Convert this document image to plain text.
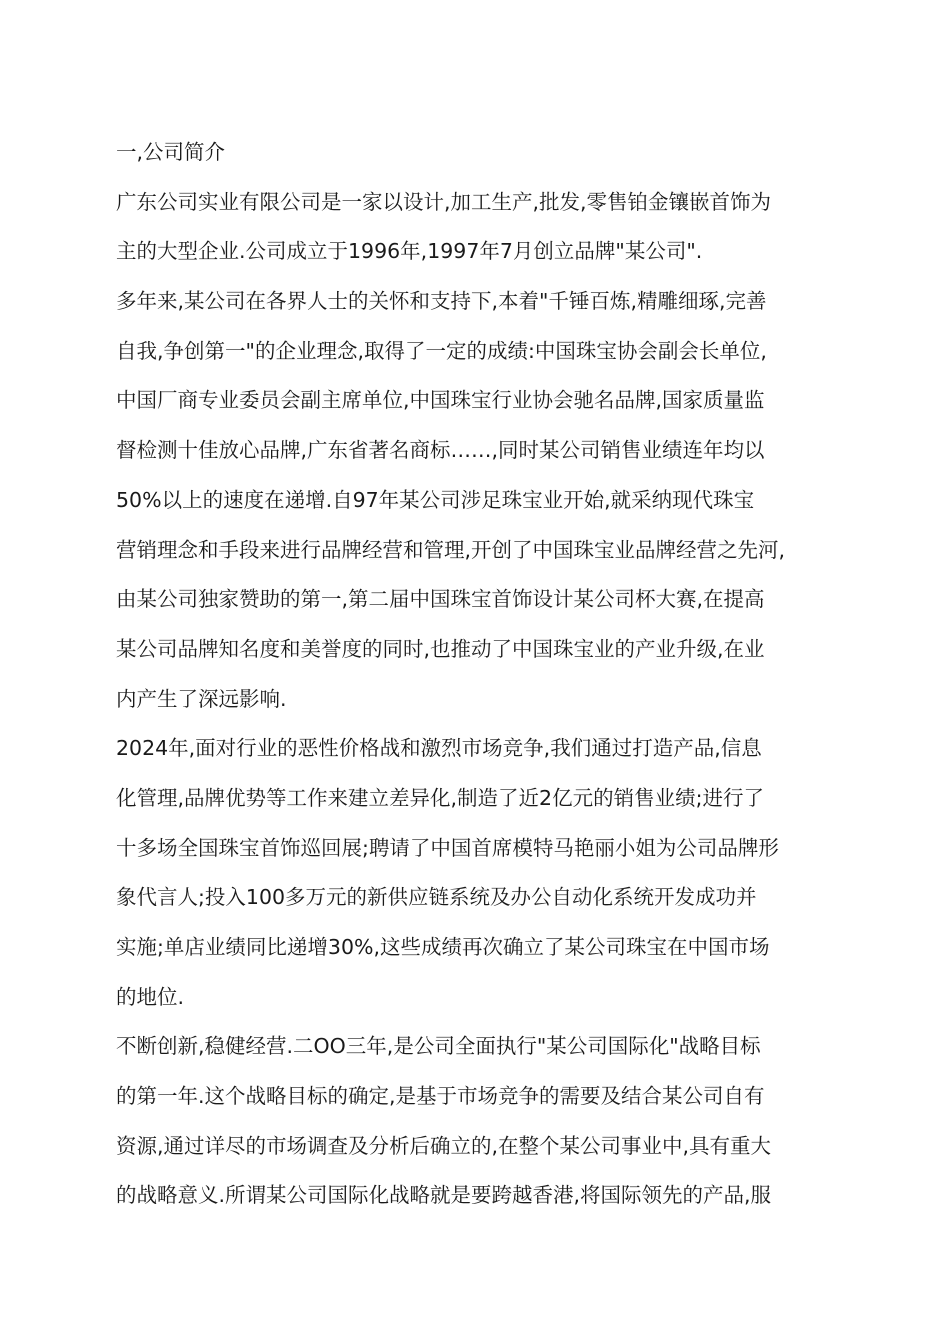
一,公司简介
广东公司实业有限公司是一家以设计,加工生产,批发,零售铂金镶嵌首饰为
主的大型企业.公司成立于1996年,1997年7月创立品牌"某公司".
多年来,某公司在各界人士的关怀和支持下,本着"千锤百炼,精雕细琢,完善
自我,争创第一"的企业理念,取得了一定的成绩:中国珠宝协会副会长单位,
中国厂商专业委员会副主席单位,中国珠宝行业协会驰名品牌,国家质量监
督检测十佳放心品牌,广东省著名商标……,同时某公司销售业绩连年均以
50%以上的速度在递增.自97年某公司涉足珠宝业开始,就采纳现代珠宝
营销理念和手段来进行品牌经营和管理,开创了中国珠宝业品牌经营之先河,
由某公司独家赞助的第一,第二届中国珠宝首饰设计某公司杯大赛,在提高
某公司品牌知名度和美誉度的同时,也推动了中国珠宝业的产业升级,在业
内产生了深远影响.
2024年,面对行业的恶性价格战和激烈市场竞争,我们通过打造产品,信息
化管理,品牌优势等工作来建立差异化,制造了近2亿元的销售业绩;进行了
十多场全国珠宝首饰巡回展;聘请了中国首席模特马艳丽小姐为公司品牌形
象代言人;投入100多万元的新供应链系统及办公自动化系统开发成功并
实施;单店业绩同比递增30%,这些成绩再次确立了某公司珠宝在中国市场
的地位.
不断创新,稳健经营.二OO三年,是公司全面执行"某公司国际化"战略目标
的第一年.这个战略目标的确定,是基于市场竞争的需要及结合某公司自有
资源,通过详尽的市场调查及分析后确立的,在整个某公司事业中,具有重大
的战略意义.所谓某公司国际化战略就是要跨越香港,将国际领先的产品,服
